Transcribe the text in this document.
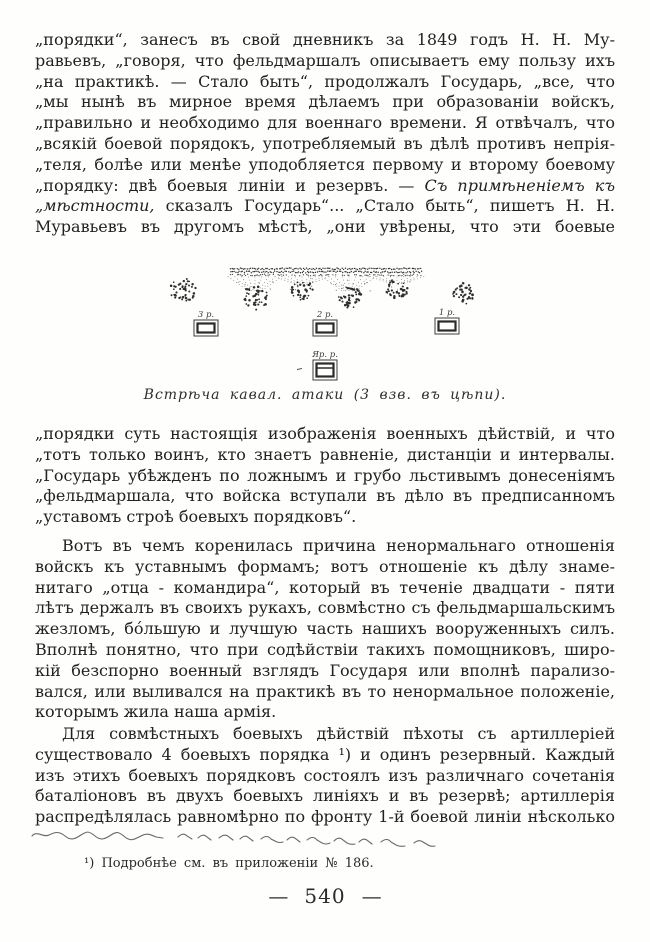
„порядки“, занесъ въ свой дневникъ за 1849 годъ Н. Н. Му-
равьевъ, „говоря, что фельдмаршалъ описываетъ ему пользу ихъ
„на практикѣ. — Стало быть“, продолжалъ Государь, „все, что
„мы нынѣ въ мирное время дѣлаемъ при образованіи войскъ,
„правильно и необходимо для военнаго времени. Я отвѣчалъ, что
„всякій боевой порядокъ, употребляемый въ дѣлѣ противъ непрія-
„теля, болѣе или менѣе уподобляется первому и второму боевому
„порядку: двѣ боевыя линіи и резервъ. — Съ примѣненіемъ къ
„мѣстности, сказалъ Государь“... „Стало быть“, пишетъ Н. Н.
Муравьевъ въ другомъ мѣстѣ, „они увѣрены, что эти боевые
3 р.	2 р.	1 р.
Яр. р.
Встрѣча кавал. атаки (3 взв. въ цѣпи).
„порядки суть настоящія изображенія военныхъ дѣйствій, и что
„тотъ только воинъ, кто знаетъ равненіе, дистанціи и интервалы.
„Государь убѣжденъ по ложнымъ и грубо льстивымъ донесеніямъ
„фельдмаршала, что войска вступали въ дѣло въ предписанномъ
„уставомъ строѣ боевыхъ порядковъ“.
Вотъ въ чемъ коренилась причина ненормальнаго отношенія
войскъ къ уставнымъ формамъ; вотъ отношеніе къ дѣлу знаме-
нитаго „отца - командира“, который въ теченіе двадцати - пяти
лѣтъ держалъ въ своихъ рукахъ, совмѣстно съ фельдмаршальскимъ
жезломъ, бо́льшую и лучшую часть нашихъ вооруженныхъ силъ.
Вполнѣ понятно, что при содѣйствіи такихъ помощниковъ, широ-
кій безспорно военный взглядъ Государя или вполнѣ парализо-
вался, или выливался на практикѣ въ то ненормальное положеніе,
которымъ жила наша армія.
Для совмѣстныхъ боевыхъ дѣйствій пѣхоты съ артиллеріей
существовало 4 боевыхъ порядка ¹) и одинъ резервный. Каждый
изъ этихъ боевыхъ порядковъ состоялъ изъ различнаго сочетанія
баталіоновъ въ двухъ боевыхъ линіяхъ и въ резервѣ; артиллерія
распредѣлялась равномѣрно по фронту 1-й боевой линіи нѣсколько
¹) Подробнѣе см. въ приложеніи № 186.
— 540 —
